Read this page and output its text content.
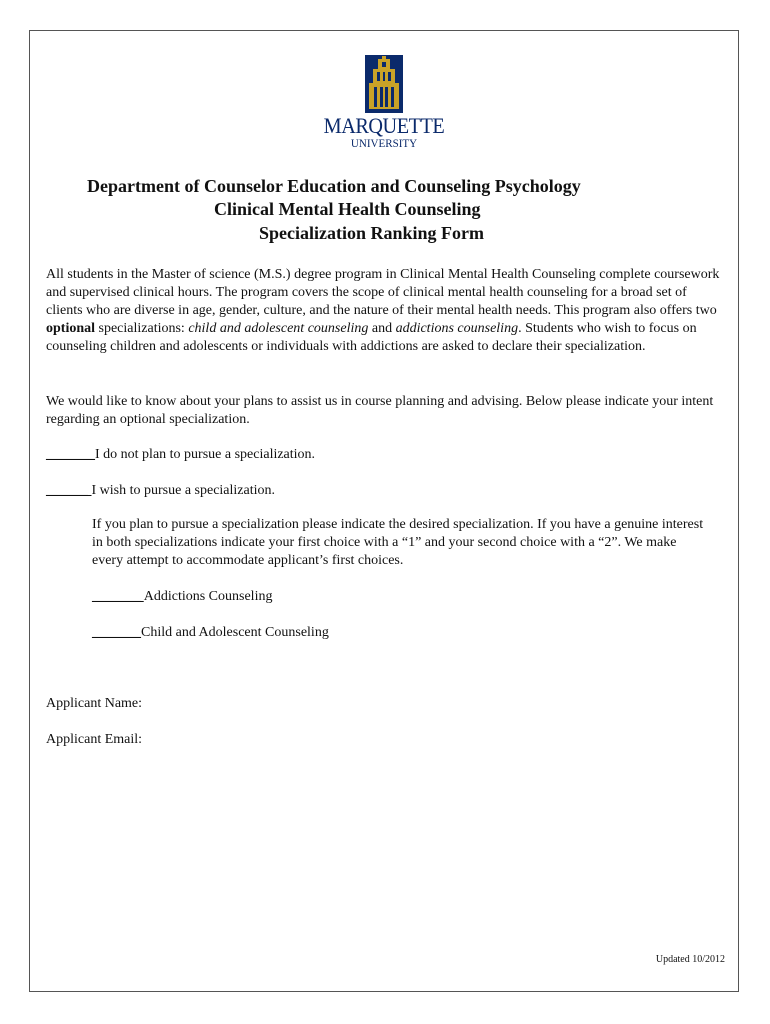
MARQUETTE
UNIVERSITY
Department of Counselor Education and Counseling Psychology
Clinical Mental Health Counseling
Specialization Ranking Form
All students in the Master of science (M.S.) degree program in Clinical Mental Health Counseling complete coursework and supervised clinical hours. The program covers the scope of clinical mental health counseling for a broad set of clients who are diverse in age, gender, culture, and the nature of their mental health needs. This program also offers two optional specializations: child and adolescent counseling and addictions counseling. Students who wish to focus on counseling children and adolescents or individuals with addictions are asked to declare their specialization.
We would like to know about your plans to assist us in course planning and advising. Below please indicate your intent regarding an optional specialization.
_______I do not plan to pursue a specialization.
______ I wish to pursue a specialization.
If you plan to pursue a specialization please indicate the desired specialization. If you have a genuine interest in both specializations indicate your first choice with a “1” and your second choice with a “2”. We make every attempt to accommodate applicant’s first choices.
_______ Addictions Counseling
_______Child and Adolescent Counseling
Applicant Name:
Applicant Email:
Updated 10/2012
